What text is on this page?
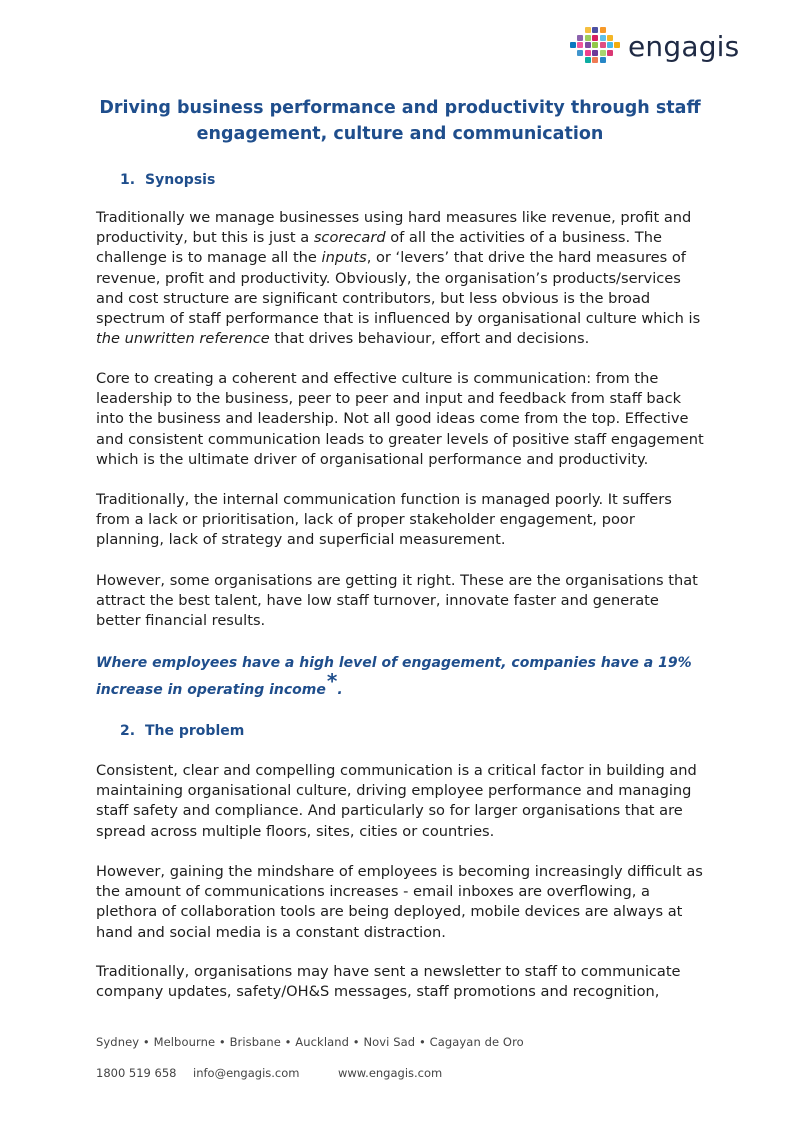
engagis
Driving business performance and productivity through staff engagement, culture and communication
1. Synopsis

Traditionally we manage businesses using hard measures like revenue, profit and productivity, but this is just a scorecard of all the activities of a business. The challenge is to manage all the inputs, or ‘levers’ that drive the hard measures of revenue, profit and productivity. Obviously, the organisation’s products/services and cost structure are significant contributors, but less obvious is the broad spectrum of staff performance that is influenced by organisational culture which is the unwritten reference that drives behaviour, effort and decisions.

Core to creating a coherent and effective culture is communication: from the leadership to the business, peer to peer and input and feedback from staff back into the business and leadership. Not all good ideas come from the top. Effective and consistent communication leads to greater levels of positive staff engagement which is the ultimate driver of organisational performance and productivity.

Traditionally, the internal communication function is managed poorly. It suffers from a lack or prioritisation, lack of proper stakeholder engagement, poor planning, lack of strategy and superficial measurement.

However, some organisations are getting it right. These are the organisations that attract the best talent, have low staff turnover, innovate faster and generate better financial results.

Where employees have a high level of engagement, companies have a 19% increase in operating income*.

2. The problem

Consistent, clear and compelling communication is a critical factor in building and maintaining organisational culture, driving employee performance and managing staff safety and compliance. And particularly so for larger organisations that are spread across multiple floors, sites, cities or countries.

However, gaining the mindshare of employees is becoming increasingly difficult as the amount of communications increases - email inboxes are overflowing, a plethora of collaboration tools are being deployed, mobile devices are always at hand and social media is a constant distraction.

Traditionally, organisations may have sent a newsletter to staff to communicate company updates, safety/OH&S messages, staff promotions and recognition,

Sydney • Melbourne • Brisbane • Auckland • Novi Sad • Cagayan de Oro

1800 519 658 info@engagis.com	www.engagis.com
